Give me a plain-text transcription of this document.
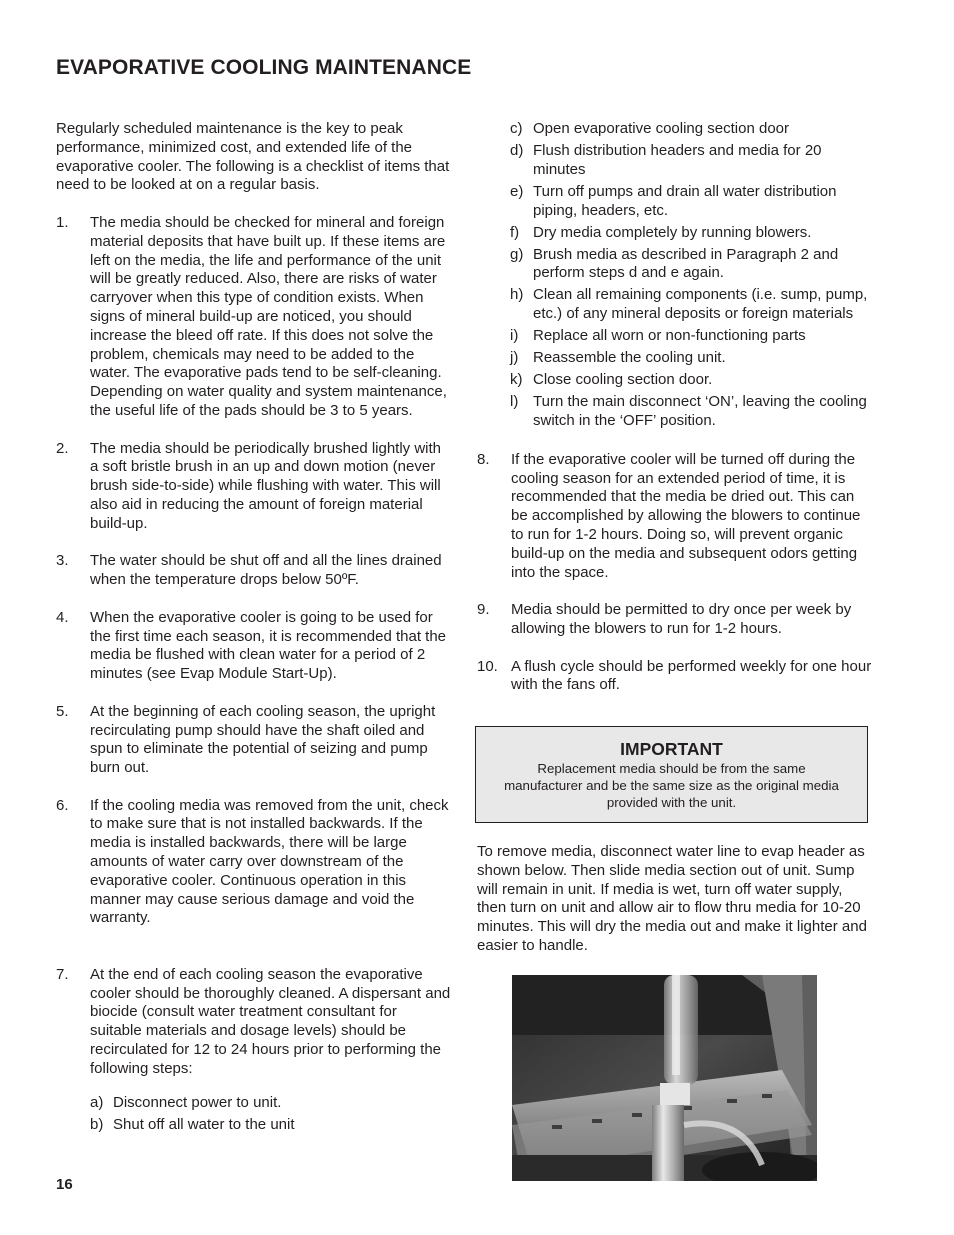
EVAPORATIVE COOLING MAINTENANCE

Regularly scheduled maintenance is the key to peak performance, minimized cost, and extended life of the evaporative cooler. The following is a checklist of items that need to be looked at on a regular basis.

1. The media should be checked for mineral and foreign material deposits that have built up. If these items are left on the media, the life and performance of the unit will be greatly reduced. Also, there are risks of water carryover when this type of condition exists. When signs of mineral build-up are noticed, you should increase the bleed off rate. If this does not solve the problem, chemicals may need to be added to the water. The evaporative pads tend to be self-cleaning. Depending on water quality and system maintenance, the useful life of the pads should be 3 to 5 years.
2. The media should be periodically brushed lightly with a soft bristle brush in an up and down motion (never brush side-to-side) while flushing with water. This will also aid in reducing the amount of foreign material build-up.
3. The water should be shut off and all the lines drained when the temperature drops below 50ºF.
4. When the evaporative cooler is going to be used for the first time each season, it is recommended that the media be flushed with clean water for a period of 2 minutes (see Evap Module Start-Up).
5. At the beginning of each cooling season, the upright recirculating pump should have the shaft oiled and spun to eliminate the potential of seizing and pump burn out.
6. If the cooling media was removed from the unit, check to make sure that is not installed backwards. If the media is installed backwards, there will be large amounts of water carry over downstream of the evaporative cooler. Continuous operation in this manner may cause serious damage and void the warranty.
7. At the end of each cooling season the evaporative cooler should be thoroughly cleaned. A dispersant and biocide (consult water treatment consultant for suitable materials and dosage levels) should be recirculated for 12 to 24 hours prior to performing the following steps:
a) Disconnect power to unit.
b) Shut off all water to the unit
c) Open evaporative cooling section door
d) Flush distribution headers and media for 20 minutes
e) Turn off pumps and drain all water distribution piping, headers, etc.
f) Dry media completely by running blowers.
g) Brush media as described in Paragraph 2 and perform steps d and e again.
h) Clean all remaining components (i.e. sump, pump, etc.) of any mineral deposits or foreign materials
i) Replace all worn or non-functioning parts
j) Reassemble the cooling unit.
k) Close cooling section door.
l) Turn the main disconnect ‘ON’, leaving the cooling switch in the ‘OFF’ position.
8. If the evaporative cooler will be turned off during the cooling season for an extended period of time, it is recommended that the media be dried out. This can be accomplished by allowing the blowers to continue to run for 1-2 hours. Doing so, will prevent organic build-up on the media and subsequent odors getting into the space.
9. Media should be permitted to dry once per week by allowing the blowers to run for 1-2 hours.
10. A flush cycle should be performed weekly for one hour with the fans off.
IMPORTANT
Replacement media should be from the same manufacturer and be the same size as the original media provided with the unit.
To remove media, disconnect water line to evap header as shown below. Then slide media section out of unit. Sump will remain in unit. If media is wet, turn off water supply, then turn on unit and allow air to flow thru media for 10-20 minutes. This will dry the media out and make it lighter and easier to handle.
16
